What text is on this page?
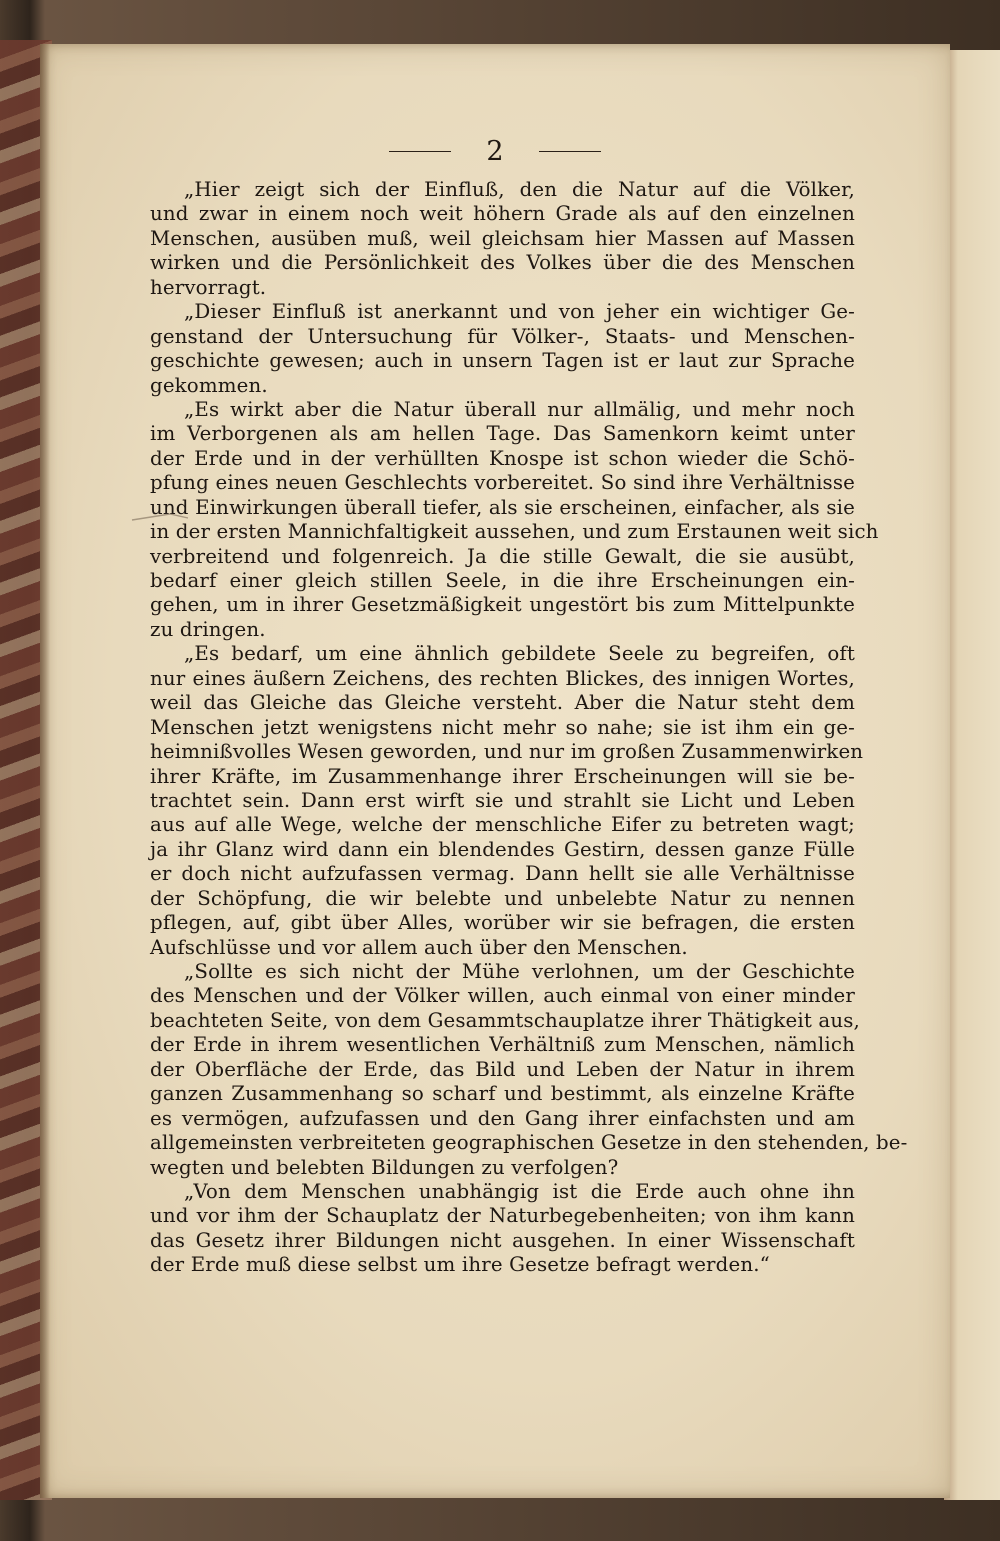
2
„Hier zeigt sich der Einfluß, den die Natur auf die Völker,
und zwar in einem noch weit höhern Grade als auf den einzelnen
Menschen, ausüben muß, weil gleichsam hier Massen auf Massen
wirken und die Persönlichkeit des Volkes über die des Menschen
hervorragt.
„Dieser Einfluß ist anerkannt und von jeher ein wichtiger Ge-
genstand der Untersuchung für Völker-, Staats- und Menschen-
geschichte gewesen; auch in unsern Tagen ist er laut zur Sprache
gekommen.
„Es wirkt aber die Natur überall nur allmälig, und mehr noch
im Verborgenen als am hellen Tage. Das Samenkorn keimt unter
der Erde und in der verhüllten Knospe ist schon wieder die Schö-
pfung eines neuen Geschlechts vorbereitet. So sind ihre Verhältnisse
und Einwirkungen überall tiefer, als sie erscheinen, einfacher, als sie
in der ersten Mannichfaltigkeit aussehen, und zum Erstaunen weit sich
verbreitend und folgenreich. Ja die stille Gewalt, die sie ausübt,
bedarf einer gleich stillen Seele, in die ihre Erscheinungen ein-
gehen, um in ihrer Gesetzmäßigkeit ungestört bis zum Mittelpunkte
zu dringen.
„Es bedarf, um eine ähnlich gebildete Seele zu begreifen, oft
nur eines äußern Zeichens, des rechten Blickes, des innigen Wortes,
weil das Gleiche das Gleiche versteht. Aber die Natur steht dem
Menschen jetzt wenigstens nicht mehr so nahe; sie ist ihm ein ge-
heimnißvolles Wesen geworden, und nur im großen Zusammenwirken
ihrer Kräfte, im Zusammenhange ihrer Erscheinungen will sie be-
trachtet sein. Dann erst wirft sie und strahlt sie Licht und Leben
aus auf alle Wege, welche der menschliche Eifer zu betreten wagt;
ja ihr Glanz wird dann ein blendendes Gestirn, dessen ganze Fülle
er doch nicht aufzufassen vermag. Dann hellt sie alle Verhältnisse
der Schöpfung, die wir belebte und unbelebte Natur zu nennen
pflegen, auf, gibt über Alles, worüber wir sie befragen, die ersten
Aufschlüsse und vor allem auch über den Menschen.
„Sollte es sich nicht der Mühe verlohnen, um der Geschichte
des Menschen und der Völker willen, auch einmal von einer minder
beachteten Seite, von dem Gesammtschauplatze ihrer Thätigkeit aus,
der Erde in ihrem wesentlichen Verhältniß zum Menschen, nämlich
der Oberfläche der Erde, das Bild und Leben der Natur in ihrem
ganzen Zusammenhang so scharf und bestimmt, als einzelne Kräfte
es vermögen, aufzufassen und den Gang ihrer einfachsten und am
allgemeinsten verbreiteten geographischen Gesetze in den stehenden, be-
wegten und belebten Bildungen zu verfolgen?
„Von dem Menschen unabhängig ist die Erde auch ohne ihn
und vor ihm der Schauplatz der Naturbegebenheiten; von ihm kann
das Gesetz ihrer Bildungen nicht ausgehen. In einer Wissenschaft
der Erde muß diese selbst um ihre Gesetze befragt werden.“
